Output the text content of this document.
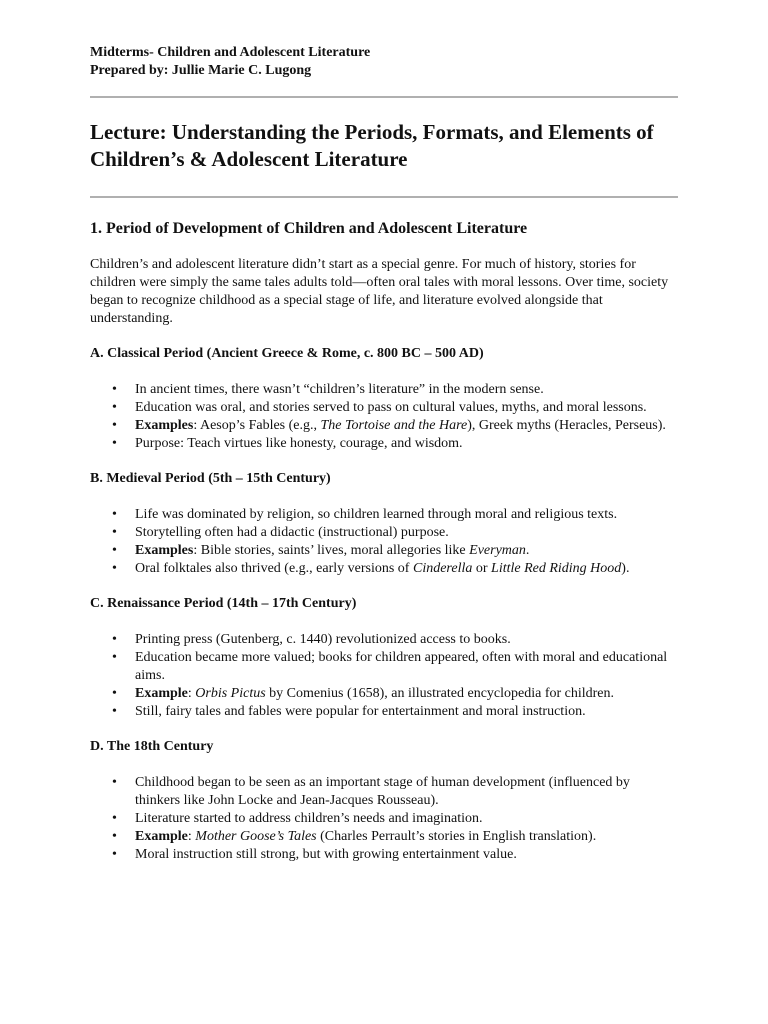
Midterms- Children and Adolescent Literature

Prepared by: Jullie Marie C. Lugong

Lecture: Understanding the Periods, Formats, and Elements of Children’s & Adolescent Literature
1. Period of Development of Children and Adolescent Literature

Children’s and adolescent literature didn’t start as a special genre. For much of history, stories for children were simply the same tales adults told—often oral tales with moral lessons. Over time, society began to recognize childhood as a special stage of life, and literature evolved alongside that understanding.

A. Classical Period (Ancient Greece & Rome, c. 800 BC – 500 AD)
• In ancient times, there wasn’t “children’s literature” in the modern sense.
• Education was oral, and stories served to pass on cultural values, myths, and moral lessons.
• Examples: Aesop’s Fables (e.g., The Tortoise and the Hare), Greek myths (Heracles, Perseus).
• Purpose: Teach virtues like honesty, courage, and wisdom.
B. Medieval Period (5th – 15th Century)
• Life was dominated by religion, so children learned through moral and religious texts.
• Storytelling often had a didactic (instructional) purpose.
• Examples: Bible stories, saints’ lives, moral allegories like Everyman.
• Oral folktales also thrived (e.g., early versions of Cinderella or Little Red Riding Hood).
C. Renaissance Period (14th – 17th Century)
• Printing press (Gutenberg, c. 1440) revolutionized access to books.
• Education became more valued; books for children appeared, often with moral and educational aims.
• Example: Orbis Pictus by Comenius (1658), an illustrated encyclopedia for children.
• Still, fairy tales and fables were popular for entertainment and moral instruction.
D. The 18th Century
• Childhood began to be seen as an important stage of human development (influenced by thinkers like John Locke and Jean-Jacques Rousseau).
• Literature started to address children’s needs and imagination.
• Example: Mother Goose’s Tales (Charles Perrault’s stories in English translation).
• Moral instruction still strong, but with growing entertainment value.
